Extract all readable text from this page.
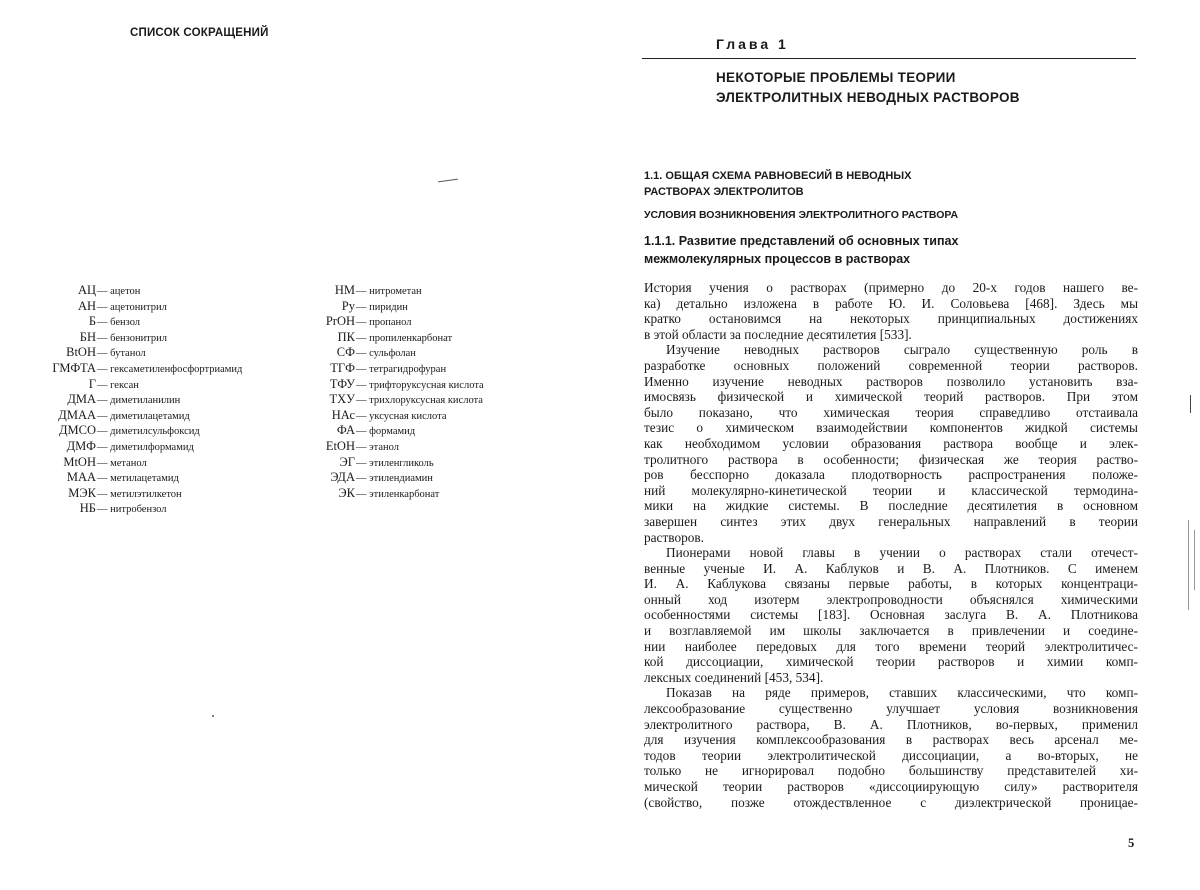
СПИСОК СОКРАЩЕНИЙ
АЦ — ацетон
АН — ацетонитрил
Б — бензол
БН — бензонитрил
BtOH — бутанол
ГМФТА — гексаметиленфосфортриамид
Г — гексан
ДМА — диметиланилин
ДМАА — диметилацетамид
ДМСО — диметилсульфоксид
ДМФ — диметилформамид
MtOH — метанол
МАА — метилацетамид
МЭК — метилэтилкетон
НБ — нитробензол
НМ — нитрометан
Ру — пиридин
PrOH — пропанол
ПК — пропиленкарбонат
СФ — сульфолан
ТГФ — тетрагидрофуран
ТФУ — трифторуксусная кислота
ТХУ — трихлоруксусная кислота
НАс — уксусная кислота
ФА — формамид
EtOH — этанол
ЭГ — этиленгликоль
ЭДА — этилендиамин
ЭК — этиленкарбонат
Глава 1
НЕКОТОРЫЕ ПРОБЛЕМЫ ТЕОРИИ
ЭЛЕКТРОЛИТНЫХ НЕВОДНЫХ РАСТВОРОВ
1.1. ОБЩАЯ СХЕМА РАВНОВЕСИЙ В НЕВОДНЫХ
РАСТВОРАХ ЭЛЕКТРОЛИТОВ
УСЛОВИЯ ВОЗНИКНОВЕНИЯ ЭЛЕКТРОЛИТНОГО РАСТВОРА
1.1.1. Развитие представлений об основных типах
межмолекулярных процессов в растворах
История учения о растворах (примерно до 20-х годов нашего ве-
ка) детально изложена в работе Ю. И. Соловьева [468]. Здесь мы
кратко остановимся на некоторых принципиальных достижениях
в этой области за последние десятилетия [533].
Изучение неводных растворов сыграло существенную роль в
разработке основных положений современной теории растворов.
Именно изучение неводных растворов позволило установить вза-
имосвязь физической и химической теорий растворов. При этом
было показано, что химическая теория справедливо отстаивала
тезис о химическом взаимодействии компонентов жидкой системы
как необходимом условии образования раствора вообще и элек-
тролитного раствора в особенности; физическая же теория раство-
ров бесспорно доказала плодотворность распространения положе-
ний молекулярно-кинетической теории и классической термодина-
мики на жидкие системы. В последние десятилетия в основном
завершен синтез этих двух генеральных направлений в теории
растворов.
Пионерами новой главы в учении о растворах стали отечест-
венные ученые И. А. Каблуков и В. А. Плотников. С именем
И. А. Каблукова связаны первые работы, в которых концентраци-
онный ход изотерм электропроводности объяснялся химическими
особенностями системы [183]. Основная заслуга В. А. Плотникова
и возглавляемой им школы заключается в привлечении и соедине-
нии наиболее передовых для того времени теорий электролитичес-
кой диссоциации, химической теории растворов и химии комп-
лексных соединений [453, 534].
Показав на ряде примеров, ставших классическими, что комп-
лексообразование существенно улучшает условия возникновения
электролитного раствора, В. А. Плотников, во-первых, применил
для изучения комплексообразования в растворах весь арсенал ме-
тодов теории электролитической диссоциации, а во-вторых, не
только не игнорировал подобно большинству представителей хи-
мической теории растворов «диссоциирующую силу» растворителя
(свойство, позже отождествленное с диэлектрической проницае-
5
